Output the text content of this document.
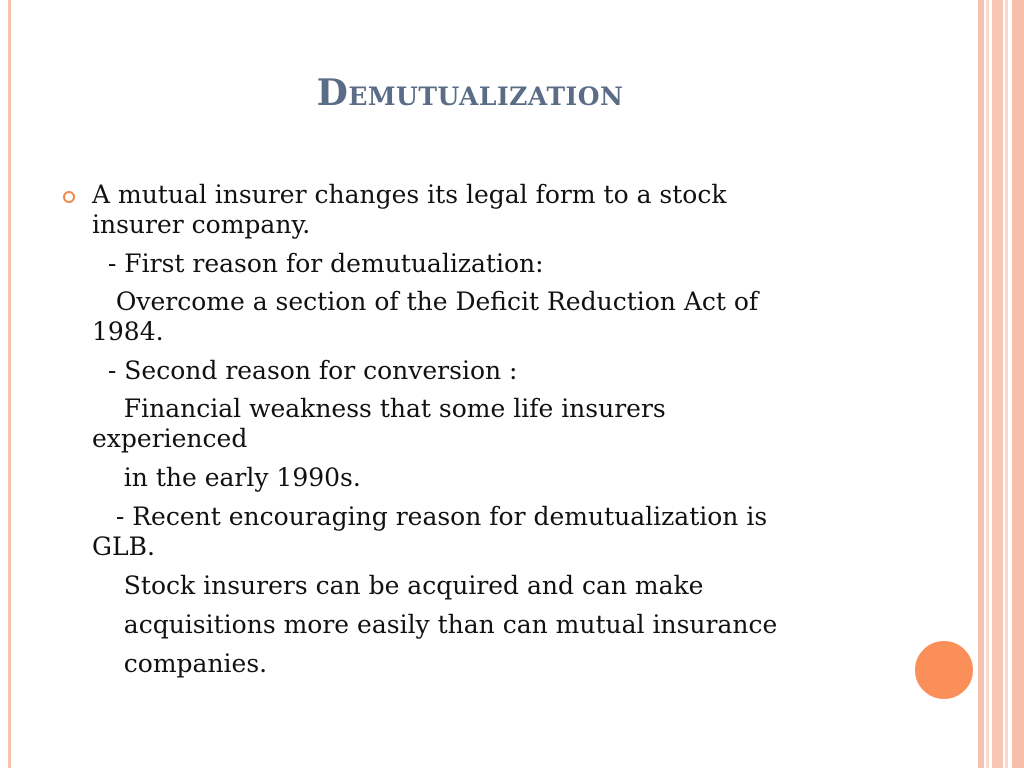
Demutualization
A mutual insurer changes its legal form to a stock
insurer company.
- First reason for demutualization:
Overcome a section of the Deficit Reduction Act of
1984.
- Second reason for conversion :
Financial weakness that some life insurers
experienced
in the early 1990s.
- Recent encouraging reason for demutualization is
GLB.
Stock insurers can be acquired and can make
acquisitions more easily than can mutual insurance
companies.
